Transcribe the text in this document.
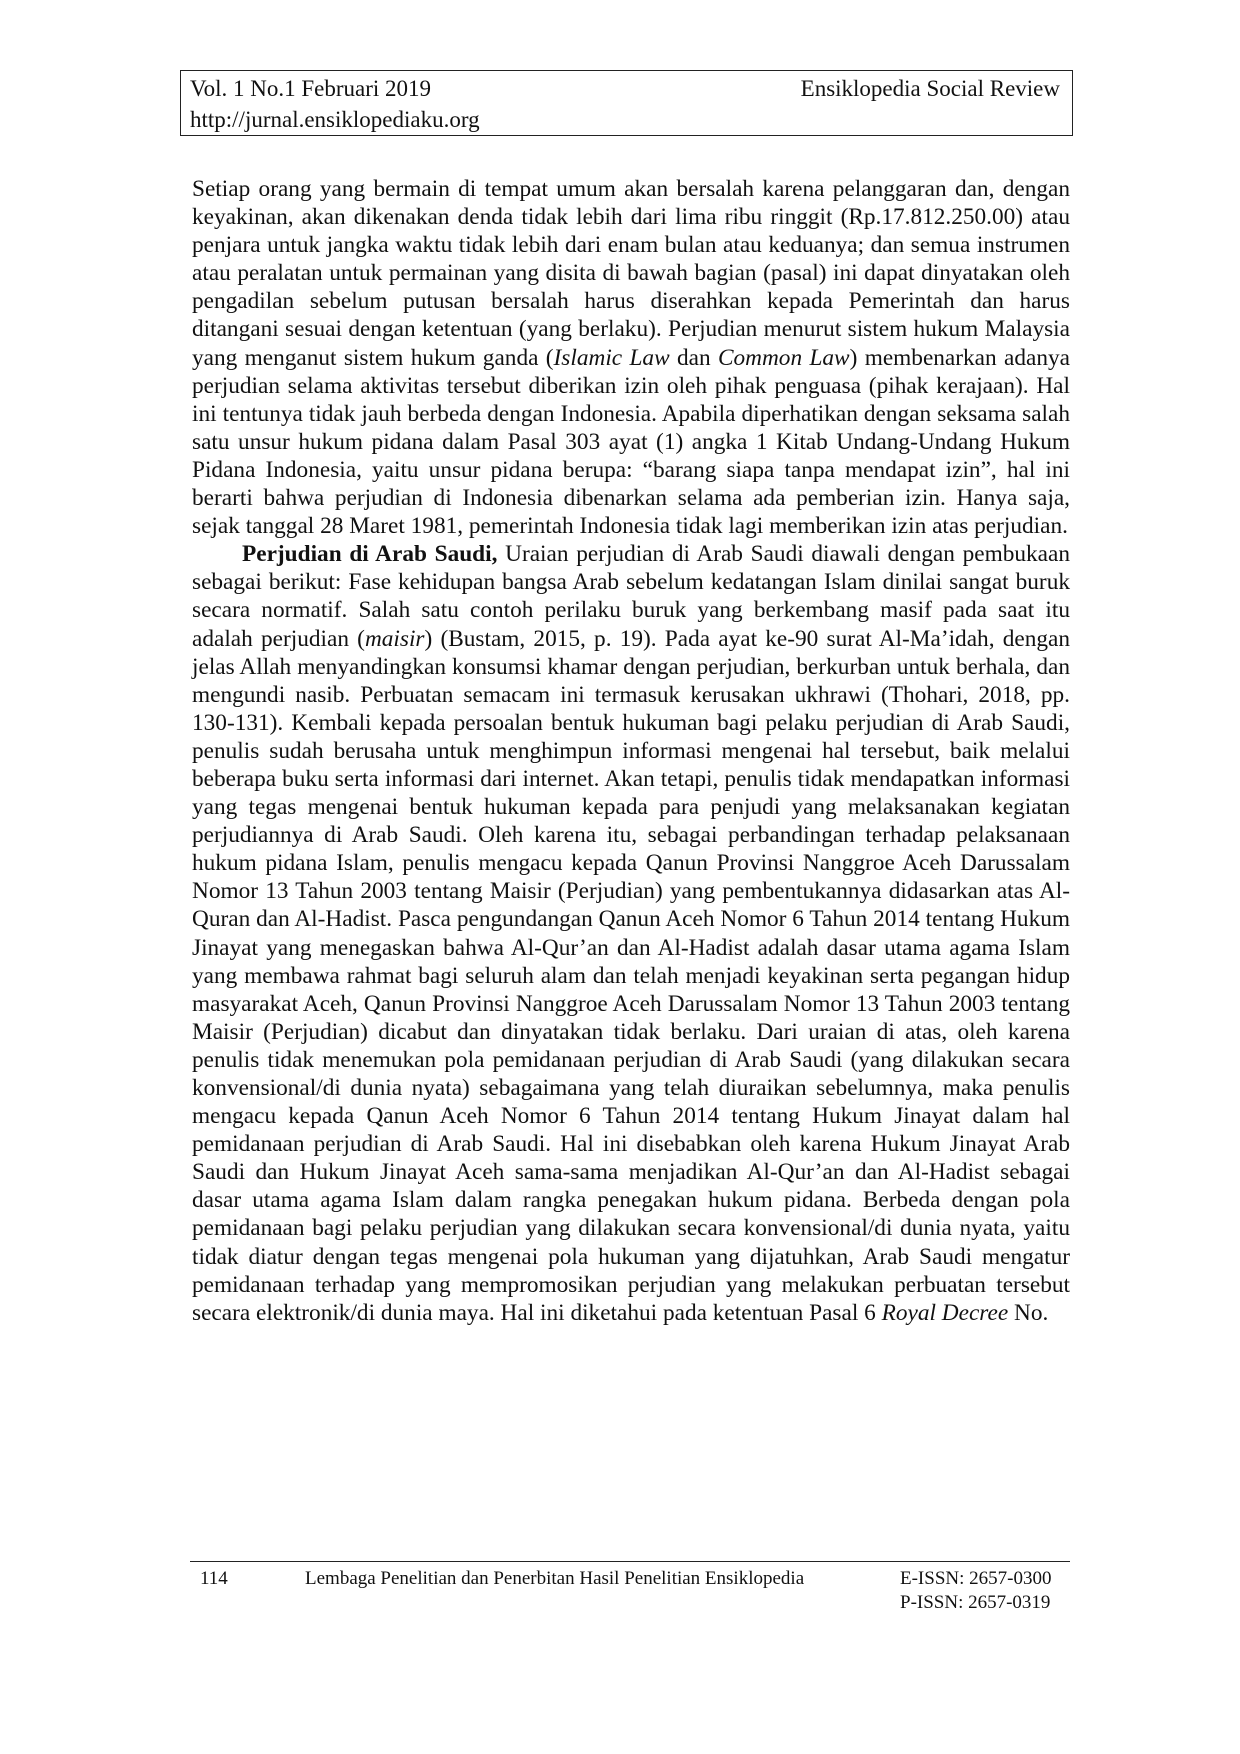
Vol. 1 No.1 Februari 2019	Ensiklopedia Social Review
http://jurnal.ensiklopediaku.org

Setiap orang yang bermain di tempat umum akan bersalah karena pelanggaran dan, dengan keyakinan, akan dikenakan denda tidak lebih dari lima ribu ringgit (Rp.17.812.250.00) atau penjara untuk jangka waktu tidak lebih dari enam bulan atau keduanya; dan semua instrumen atau peralatan untuk permainan yang disita di bawah bagian (pasal) ini dapat dinyatakan oleh pengadilan sebelum putusan bersalah harus diserahkan kepada Pemerintah dan harus ditangani sesuai dengan ketentuan (yang berlaku). Perjudian menurut sistem hukum Malaysia yang menganut sistem hukum ganda (Islamic Law dan Common Law) membenarkan adanya perjudian selama aktivitas tersebut diberikan izin oleh pihak penguasa (pihak kerajaan). Hal ini tentunya tidak jauh berbeda dengan Indonesia. Apabila diperhatikan dengan seksama salah satu unsur hukum pidana dalam Pasal 303 ayat (1) angka 1 Kitab Undang-Undang Hukum Pidana Indonesia, yaitu unsur pidana berupa: “barang siapa tanpa mendapat izin”, hal ini berarti bahwa perjudian di Indonesia dibenarkan selama ada pemberian izin. Hanya saja, sejak tanggal 28 Maret 1981, pemerintah Indonesia tidak lagi memberikan izin atas perjudian.

Perjudian di Arab Saudi, Uraian perjudian di Arab Saudi diawali dengan pembukaan sebagai berikut: Fase kehidupan bangsa Arab sebelum kedatangan Islam dinilai sangat buruk secara normatif. Salah satu contoh perilaku buruk yang berkembang masif pada saat itu adalah perjudian (maisir) (Bustam, 2015, p. 19). Pada ayat ke-90 surat Al-Ma’idah, dengan jelas Allah menyandingkan konsumsi khamar dengan perjudian, berkurban untuk berhala, dan mengundi nasib. Perbuatan semacam ini termasuk kerusakan ukhrawi (Thohari, 2018, pp. 130-131). Kembali kepada persoalan bentuk hukuman bagi pelaku perjudian di Arab Saudi, penulis sudah berusaha untuk menghimpun informasi mengenai hal tersebut, baik melalui beberapa buku serta informasi dari internet. Akan tetapi, penulis tidak mendapatkan informasi yang tegas mengenai bentuk hukuman kepada para penjudi yang melaksanakan kegiatan perjudiannya di Arab Saudi. Oleh karena itu, sebagai perbandingan terhadap pelaksanaan hukum pidana Islam, penulis mengacu kepada Qanun Provinsi Nanggroe Aceh Darussalam Nomor 13 Tahun 2003 tentang Maisir (Perjudian) yang pembentukannya didasarkan atas Al-Quran dan Al-Hadist. Pasca pengundangan Qanun Aceh Nomor 6 Tahun 2014 tentang Hukum Jinayat yang menegaskan bahwa Al-Qur’an dan Al-Hadist adalah dasar utama agama Islam yang membawa rahmat bagi seluruh alam dan telah menjadi keyakinan serta pegangan hidup masyarakat Aceh, Qanun Provinsi Nanggroe Aceh Darussalam Nomor 13 Tahun 2003 tentang Maisir (Perjudian) dicabut dan dinyatakan tidak berlaku. Dari uraian di atas, oleh karena penulis tidak menemukan pola pemidanaan perjudian di Arab Saudi (yang dilakukan secara konvensional/di dunia nyata) sebagaimana yang telah diuraikan sebelumnya, maka penulis mengacu kepada Qanun Aceh Nomor 6 Tahun 2014 tentang Hukum Jinayat dalam hal pemidanaan perjudian di Arab Saudi. Hal ini disebabkan oleh karena Hukum Jinayat Arab Saudi dan Hukum Jinayat Aceh sama-sama menjadikan Al-Qur’an dan Al-Hadist sebagai dasar utama agama Islam dalam rangka penegakan hukum pidana. Berbeda dengan pola pemidanaan bagi pelaku perjudian yang dilakukan secara konvensional/di dunia nyata, yaitu tidak diatur dengan tegas mengenai pola hukuman yang dijatuhkan, Arab Saudi mengatur pemidanaan terhadap yang mempromosikan perjudian yang melakukan perbuatan tersebut secara elektronik/di dunia maya. Hal ini diketahui pada ketentuan Pasal 6 Royal Decree No.

114	Lembaga Penelitian dan Penerbitan Hasil Penelitian Ensiklopedia	E-ISSN: 2657-0300
P-ISSN: 2657-0319
